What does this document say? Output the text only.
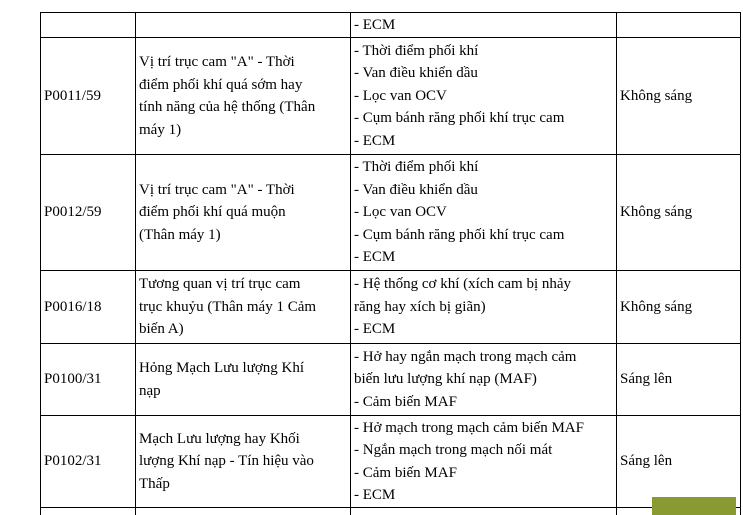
		- ECM	

P0011/59	Vị trí trục cam "A" - Thời
điểm phối khí quá sớm hay
tính năng của hệ thống (Thân
máy 1)	- Thời điểm phối khí
- Van điều khiển dầu
- Lọc van OCV
- Cụm bánh răng phối khí trục cam
- ECM	Không sáng
P0012/59	Vị trí trục cam "A" - Thời
điểm phối khí quá muộn
(Thân máy 1)	- Thời điểm phối khí
- Van điều khiển dầu
- Lọc van OCV
- Cụm bánh răng phối khí trục cam
- ECM	Không sáng
P0016/18	Tương quan vị trí trục cam
trục khuỷu (Thân máy 1 Cảm
biến A)	- Hệ thống cơ khí (xích cam bị nhảy
răng hay xích bị giãn)
- ECM	Không sáng
P0100/31	Hỏng Mạch Lưu lượng Khí
nạp	- Hở hay ngắn mạch trong mạch cảm
biến lưu lượng khí nạp (MAF)
- Cảm biến MAF	Sáng lên
P0102/31	Mạch Lưu lượng hay Khối
lượng Khí nạp - Tín hiệu vào
Thấp	- Hở mạch trong mạch cảm biến MAF
- Ngắn mạch trong mạch nối mát
- Cảm biến MAF
- ECM	Sáng lên
